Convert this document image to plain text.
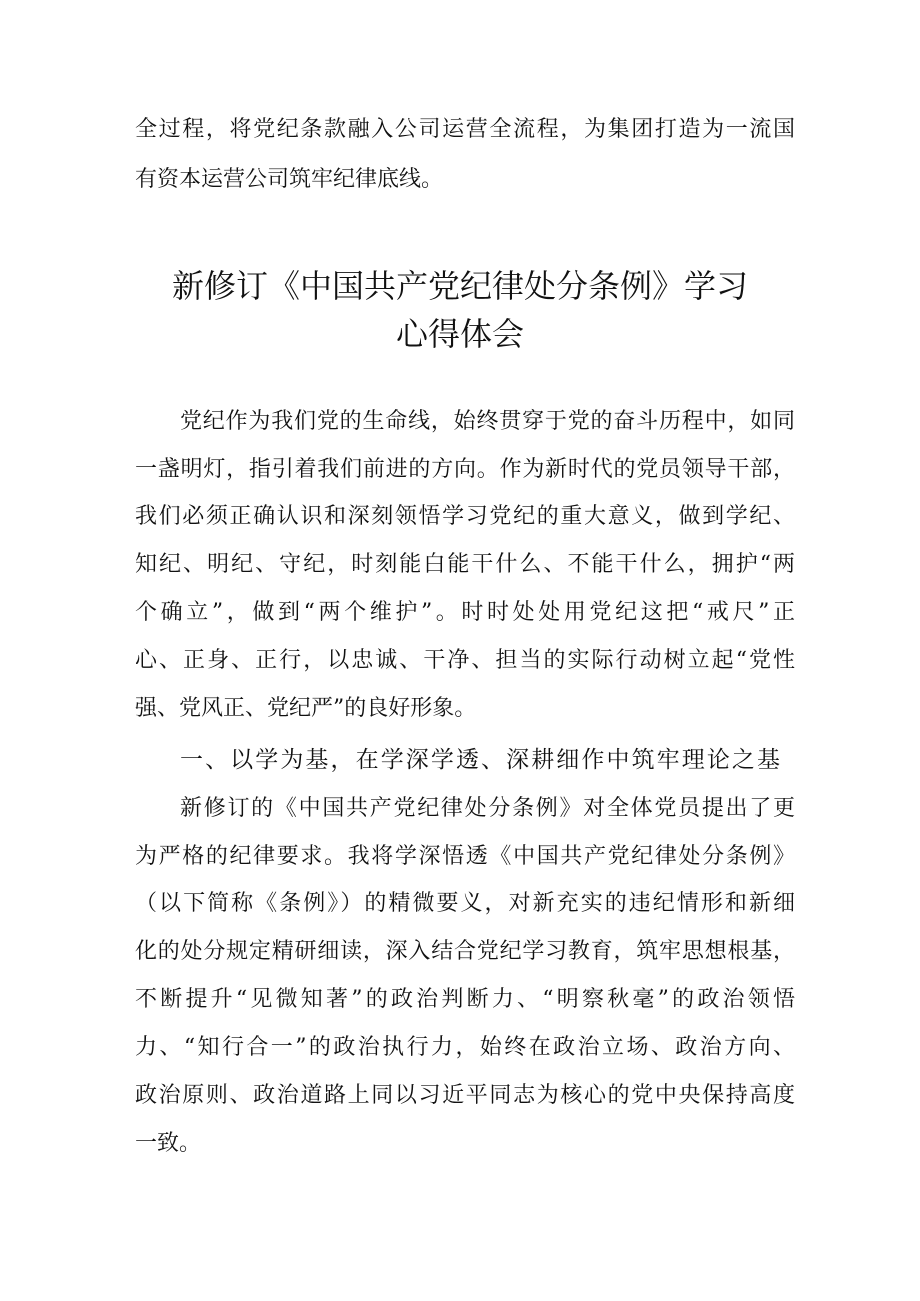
全过程，将党纪条款融入公司运营全流程，为集团打造为一流国
有资本运营公司筑牢纪律底线。
新修订《中国共产党纪律处分条例》学习
心得体会
党纪作为我们党的生命线，始终贯穿于党的奋斗历程中，如同
一盏明灯，指引着我们前进的方向。作为新时代的党员领导干部，
我们必须正确认识和深刻领悟学习党纪的重大意义，做到学纪、
知纪、明纪、守纪，时刻能白能干什么、不能干什么，拥护“两
个确立”，做到“两个维护”。时时处处用党纪这把“戒尺”正
心、正身、正行，以忠诚、干净、担当的实际行动树立起“党性
强、党风正、党纪严”的良好形象。
一、以学为基，在学深学透、深耕细作中筑牢理论之基
新修订的《中国共产党纪律处分条例》对全体党员提出了更
为严格的纪律要求。我将学深悟透《中国共产党纪律处分条例》
（以下简称《条例》）的精微要义，对新充实的违纪情形和新细
化的处分规定精研细读，深入结合党纪学习教育，筑牢思想根基，
不断提升“见微知著”的政治判断力、“明察秋毫”的政治领悟
力、“知行合一”的政治执行力，始终在政治立场、政治方向、
政治原则、政治道路上同以习近平同志为核心的党中央保持高度
一致。
